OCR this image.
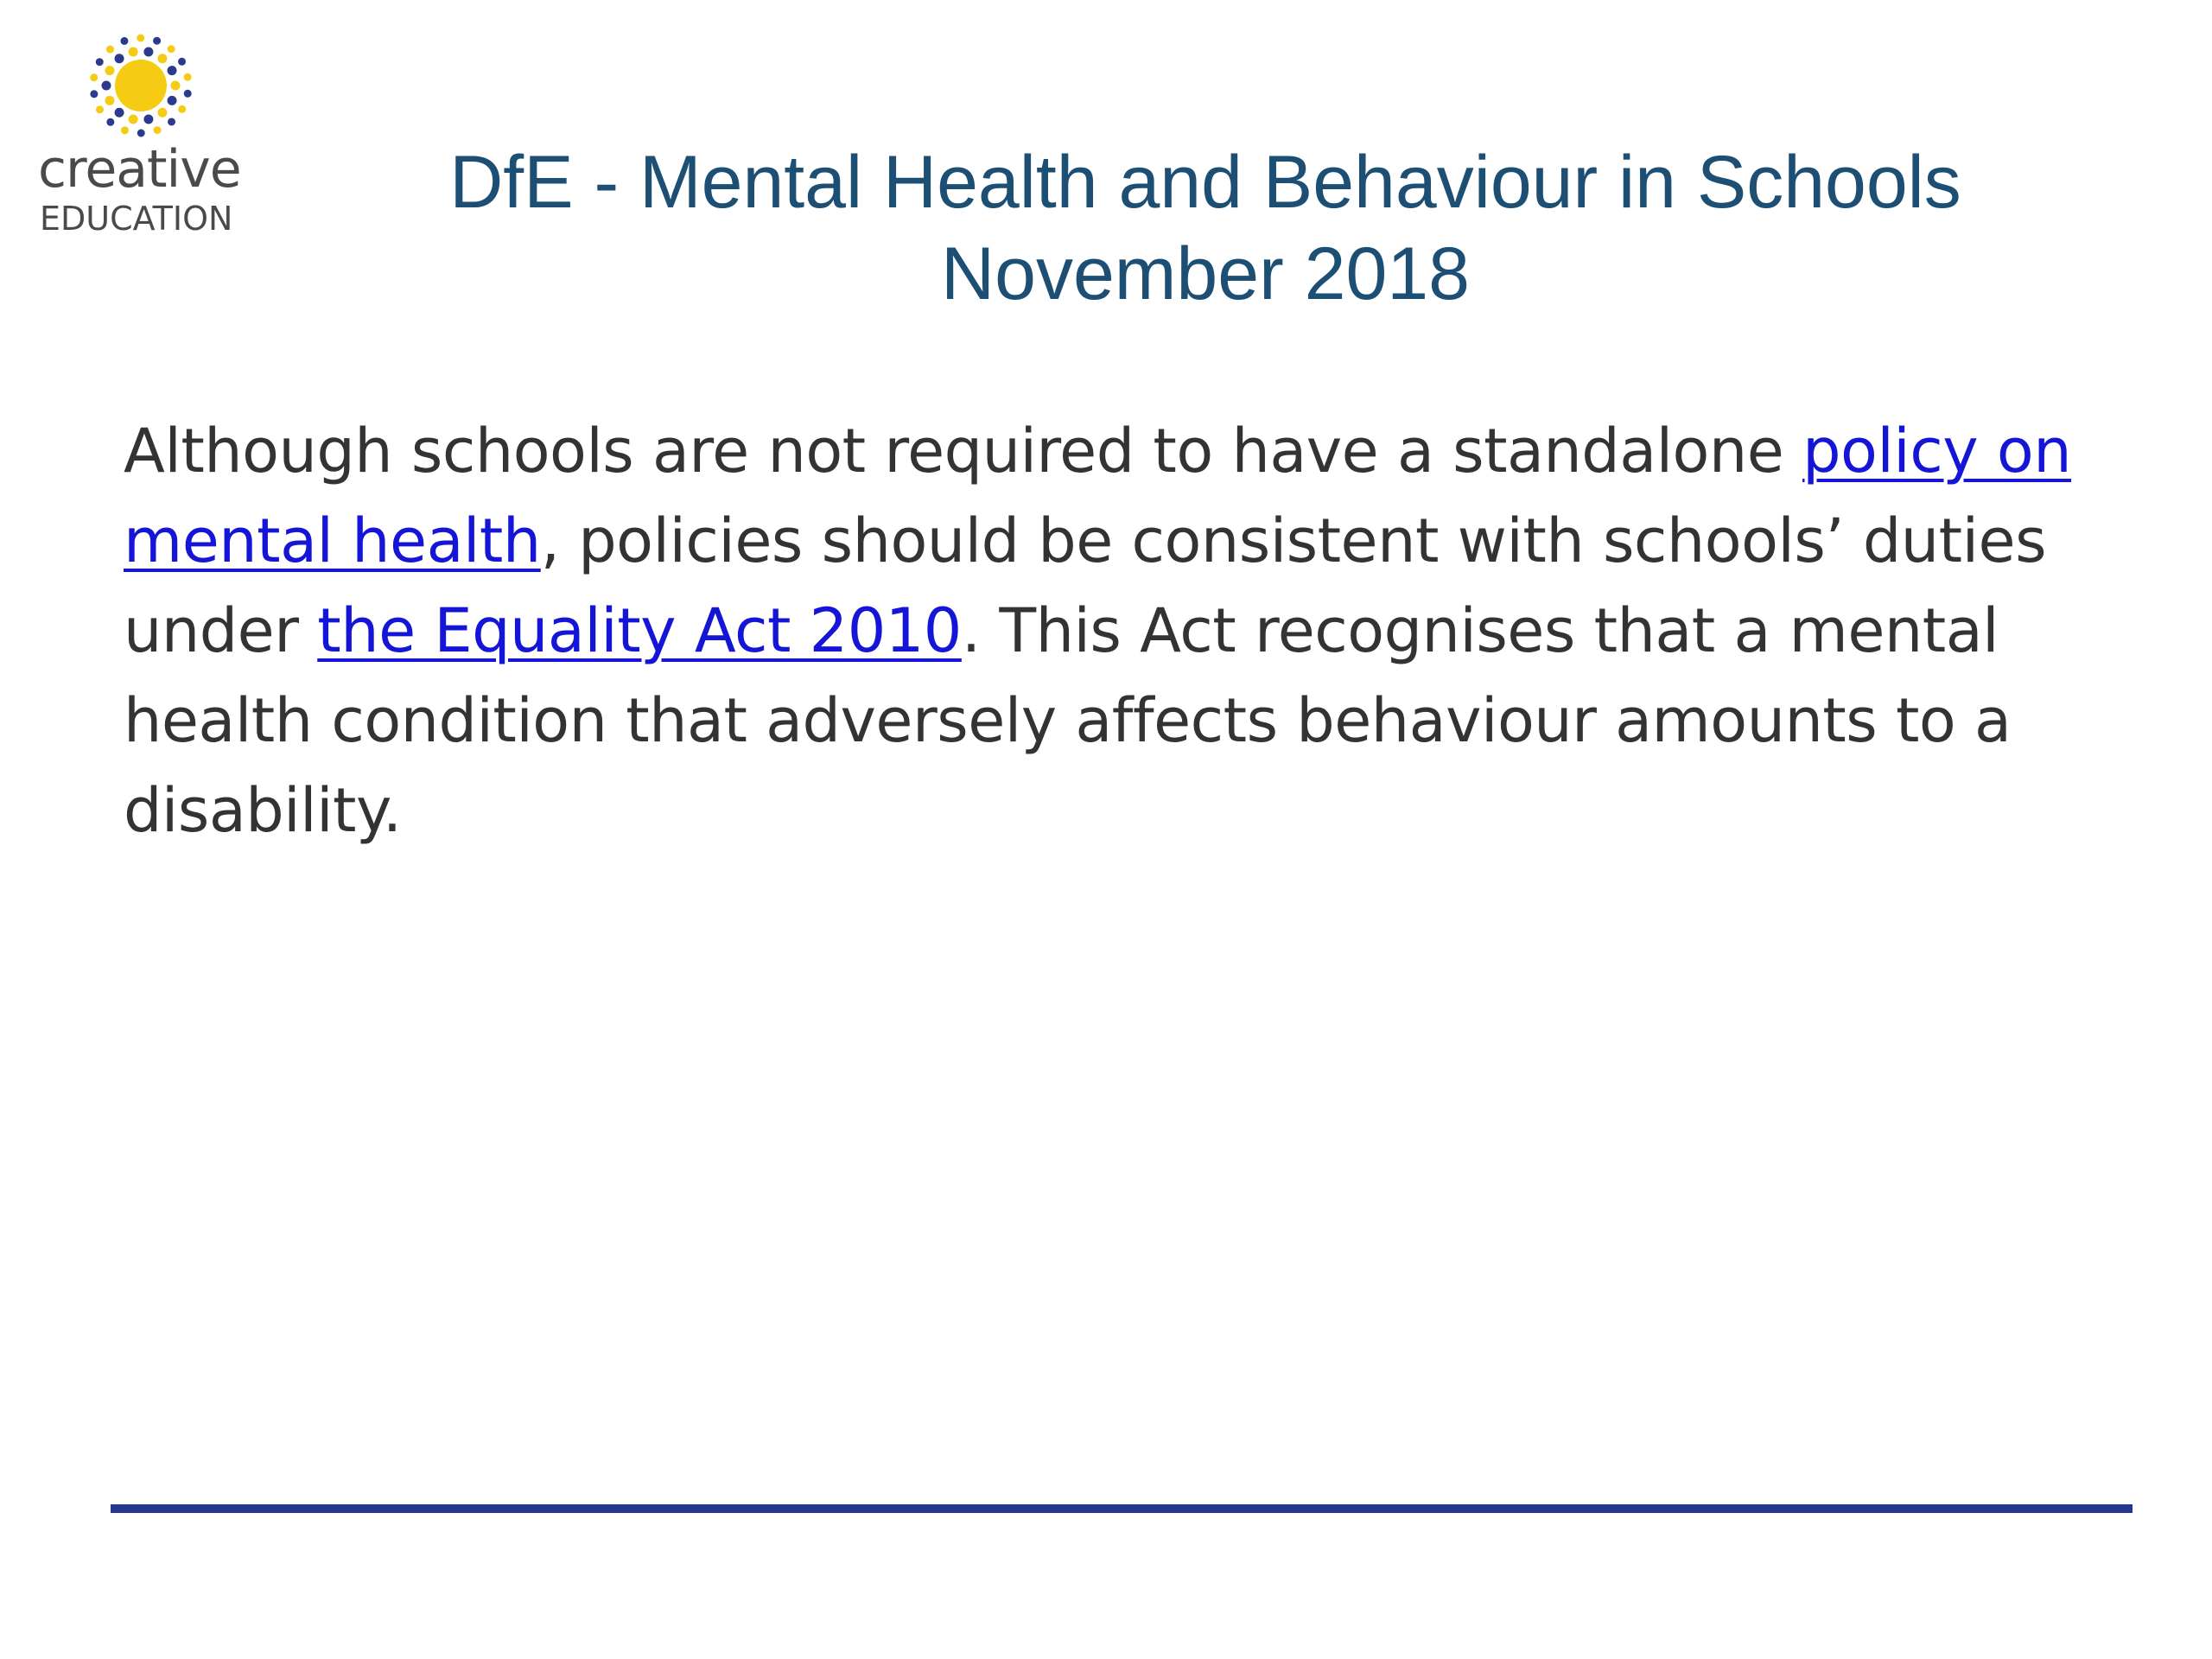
creative
EDUCATION	DfE - Mental Health and Behaviour in Schools
November 2018

Although schools are not required to have a standalone policy on mental health, policies should be consistent with schools’ duties under the Equality Act 2010. This Act recognises that a mental health condition that adversely affects behaviour amounts to a disability.
